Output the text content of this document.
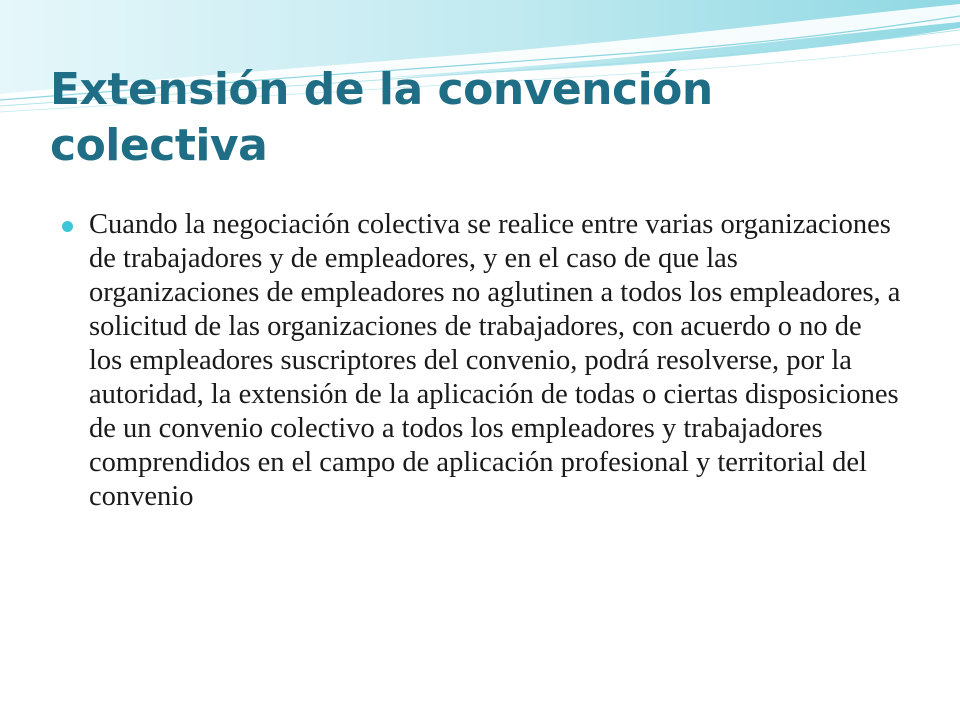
Extensión de la convención colectiva
Cuando la negociación colectiva se realice entre varias organizaciones de trabajadores y de empleadores, y en el caso de que las organizaciones de empleadores no aglutinen a todos los empleadores, a solicitud de las organizaciones de trabajadores, con acuerdo o no de los empleadores suscriptores del convenio, podrá resolverse, por la autoridad, la extensión de la aplicación de todas o ciertas disposiciones de un convenio colectivo a todos los empleadores y trabajadores comprendidos en el campo de aplicación profesional y territorial del convenio
